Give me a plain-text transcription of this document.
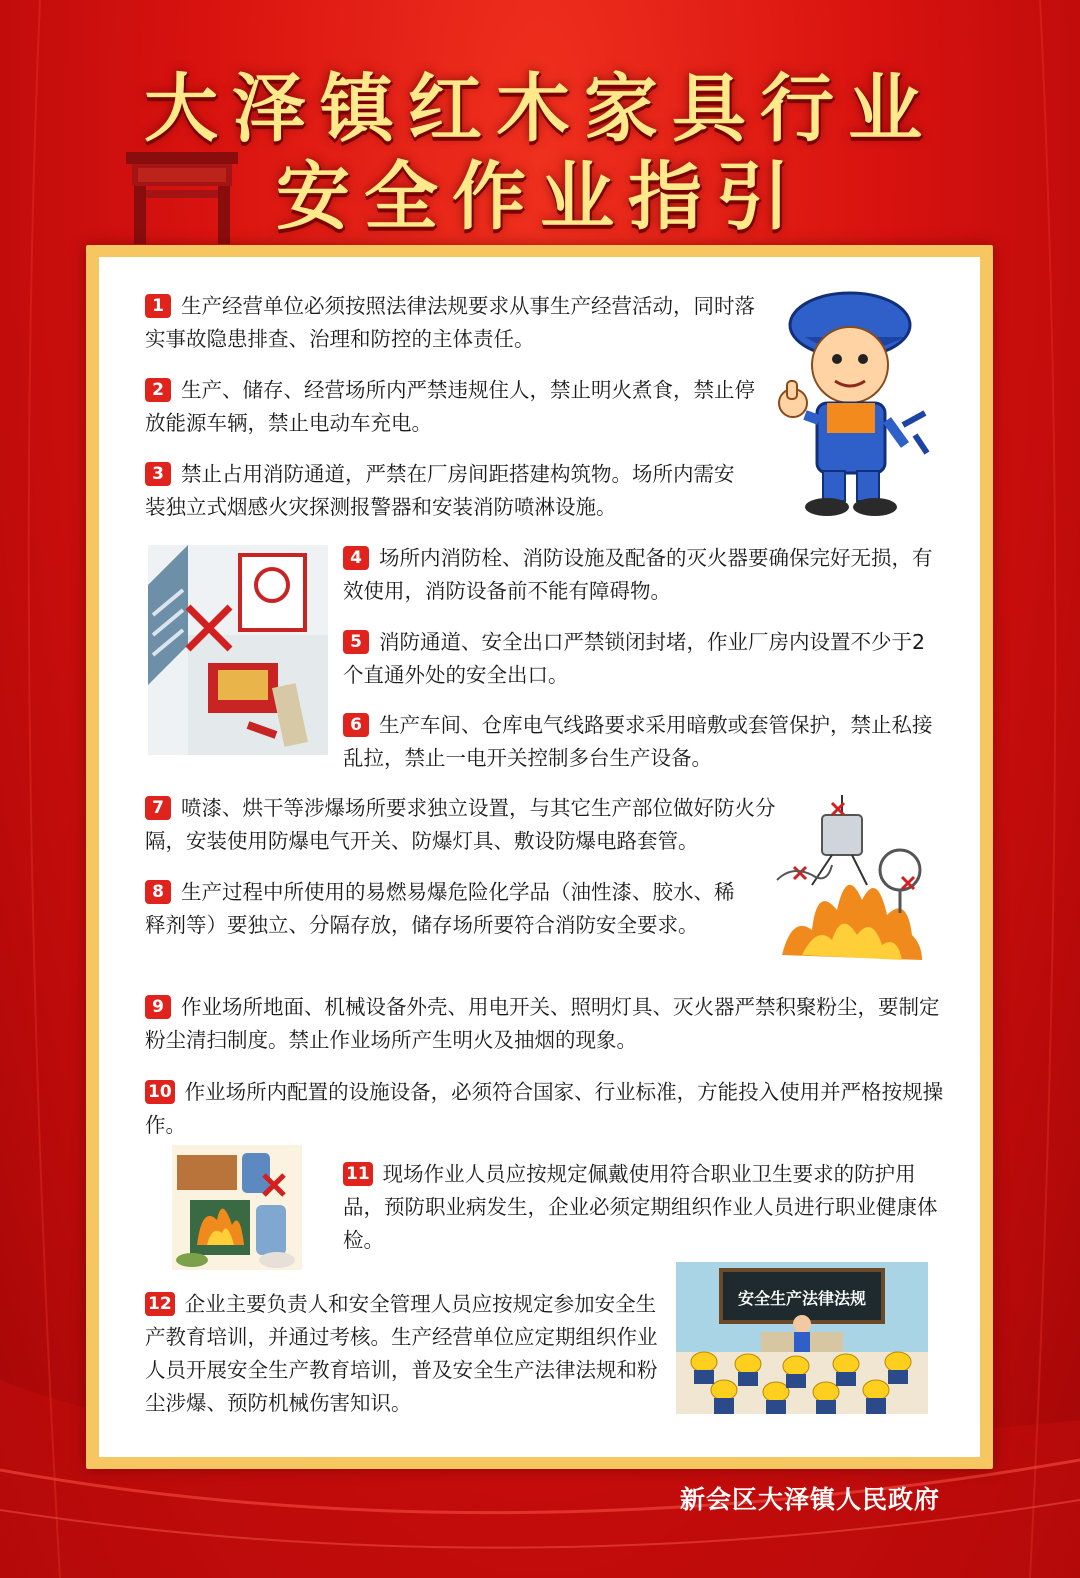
大泽镇红木家具行业
安全作业指引
1 生产经营单位必须按照法律法规要求从事生产经营活动，同时落实事故隐患排查、治理和防控的主体责任。
2 生产、储存、经营场所内严禁违规住人，禁止明火煮食，禁止停放能源车辆，禁止电动车充电。
3 禁止占用消防通道，严禁在厂房间距搭建构筑物。场所内需安装独立式烟感火灾探测报警器和安装消防喷淋设施。
4 场所内消防栓、消防设施及配备的灭火器要确保完好无损，有效使用，消防设备前不能有障碍物。
5 消防通道、安全出口严禁锁闭封堵，作业厂房内设置不少于2个直通外处的安全出口。
6 生产车间、仓库电气线路要求采用暗敷或套管保护，禁止私接乱拉，禁止一电开关控制多台生产设备。
7 喷漆、烘干等涉爆场所要求独立设置，与其它生产部位做好防火分隔，安装使用防爆电气开关、防爆灯具、敷设防爆电路套管。
8 生产过程中所使用的易燃易爆危险化学品（油性漆、胶水、稀释剂等）要独立、分隔存放，储存场所要符合消防安全要求。
9 作业场所地面、机械设备外壳、用电开关、照明灯具、灭火器严禁积聚粉尘，要制定粉尘清扫制度。禁止作业场所产生明火及抽烟的现象。
10 作业场所内配置的设施设备，必须符合国家、行业标准，方能投入使用并严格按规操作。
11 现场作业人员应按规定佩戴使用符合职业卫生要求的防护用品，预防职业病发生，企业必须定期组织作业人员进行职业健康体检。
12 企业主要负责人和安全管理人员应按规定参加安全生产教育培训，并通过考核。生产经营单位应定期组织作业人员开展安全生产教育培训，普及安全生产法律法规和粉尘涉爆、预防机械伤害知识。
安全生产法律法规
新会区大泽镇人民政府
